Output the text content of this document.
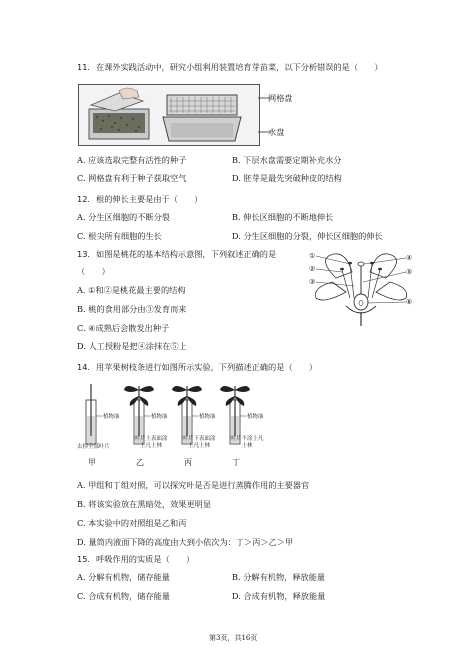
11. 在课外实践活动中，研究小组利用装置培育芽苗菜，以下分析错误的是（　　）
网格盘
水盘
A. 应该选取完整有活性的种子	B. 下层水盘需要定期补充水分
C. 网格盘有利于种子获取空气	D. 胚芽是最先突破种皮的结构
12. 根的伸长主要是由于（　　）
A. 分生区细胞的不断分裂	B. 伸长区细胞的不断地伸长
C. 根尖所有细胞的生长	D. 分生区细胞的分裂，伸长区细胞的伸长
13. 如图是桃花的基本结构示意图，下列叙述正确的是
（　　）
A. ①和②是桃花最主要的结构
B. 桃的食用部分由③发育而来
C. ④成熟后会散发出种子
D. 人工授粉是把④涂抹在⑤上
①
②
③
④
⑤
⑥
14. 用苹果树枝条进行如图所示实验，下列描述正确的是（　　）
植物油	植物油	植物油	植物油
去掉全部叶片
叶片上表面涂上凡士林
叶片下表面涂上凡士林
叶片不涂上凡士林
甲	乙	丙	丁
A. 甲组和丁组对照，可以探究叶是否是进行蒸腾作用的主要器官
B. 将该实验放在黑暗处，效果更明显
C. 本实验中的对照组是乙和丙
D. 量筒内液面下降的高度由大到小依次为：丁＞丙＞乙＞甲
15. 呼吸作用的实质是（　　）
A. 分解有机物，储存能量	B. 分解有机物，释放能量
C. 合成有机物，储存能量	D. 合成有机物，释放能量
第3页，共16页
